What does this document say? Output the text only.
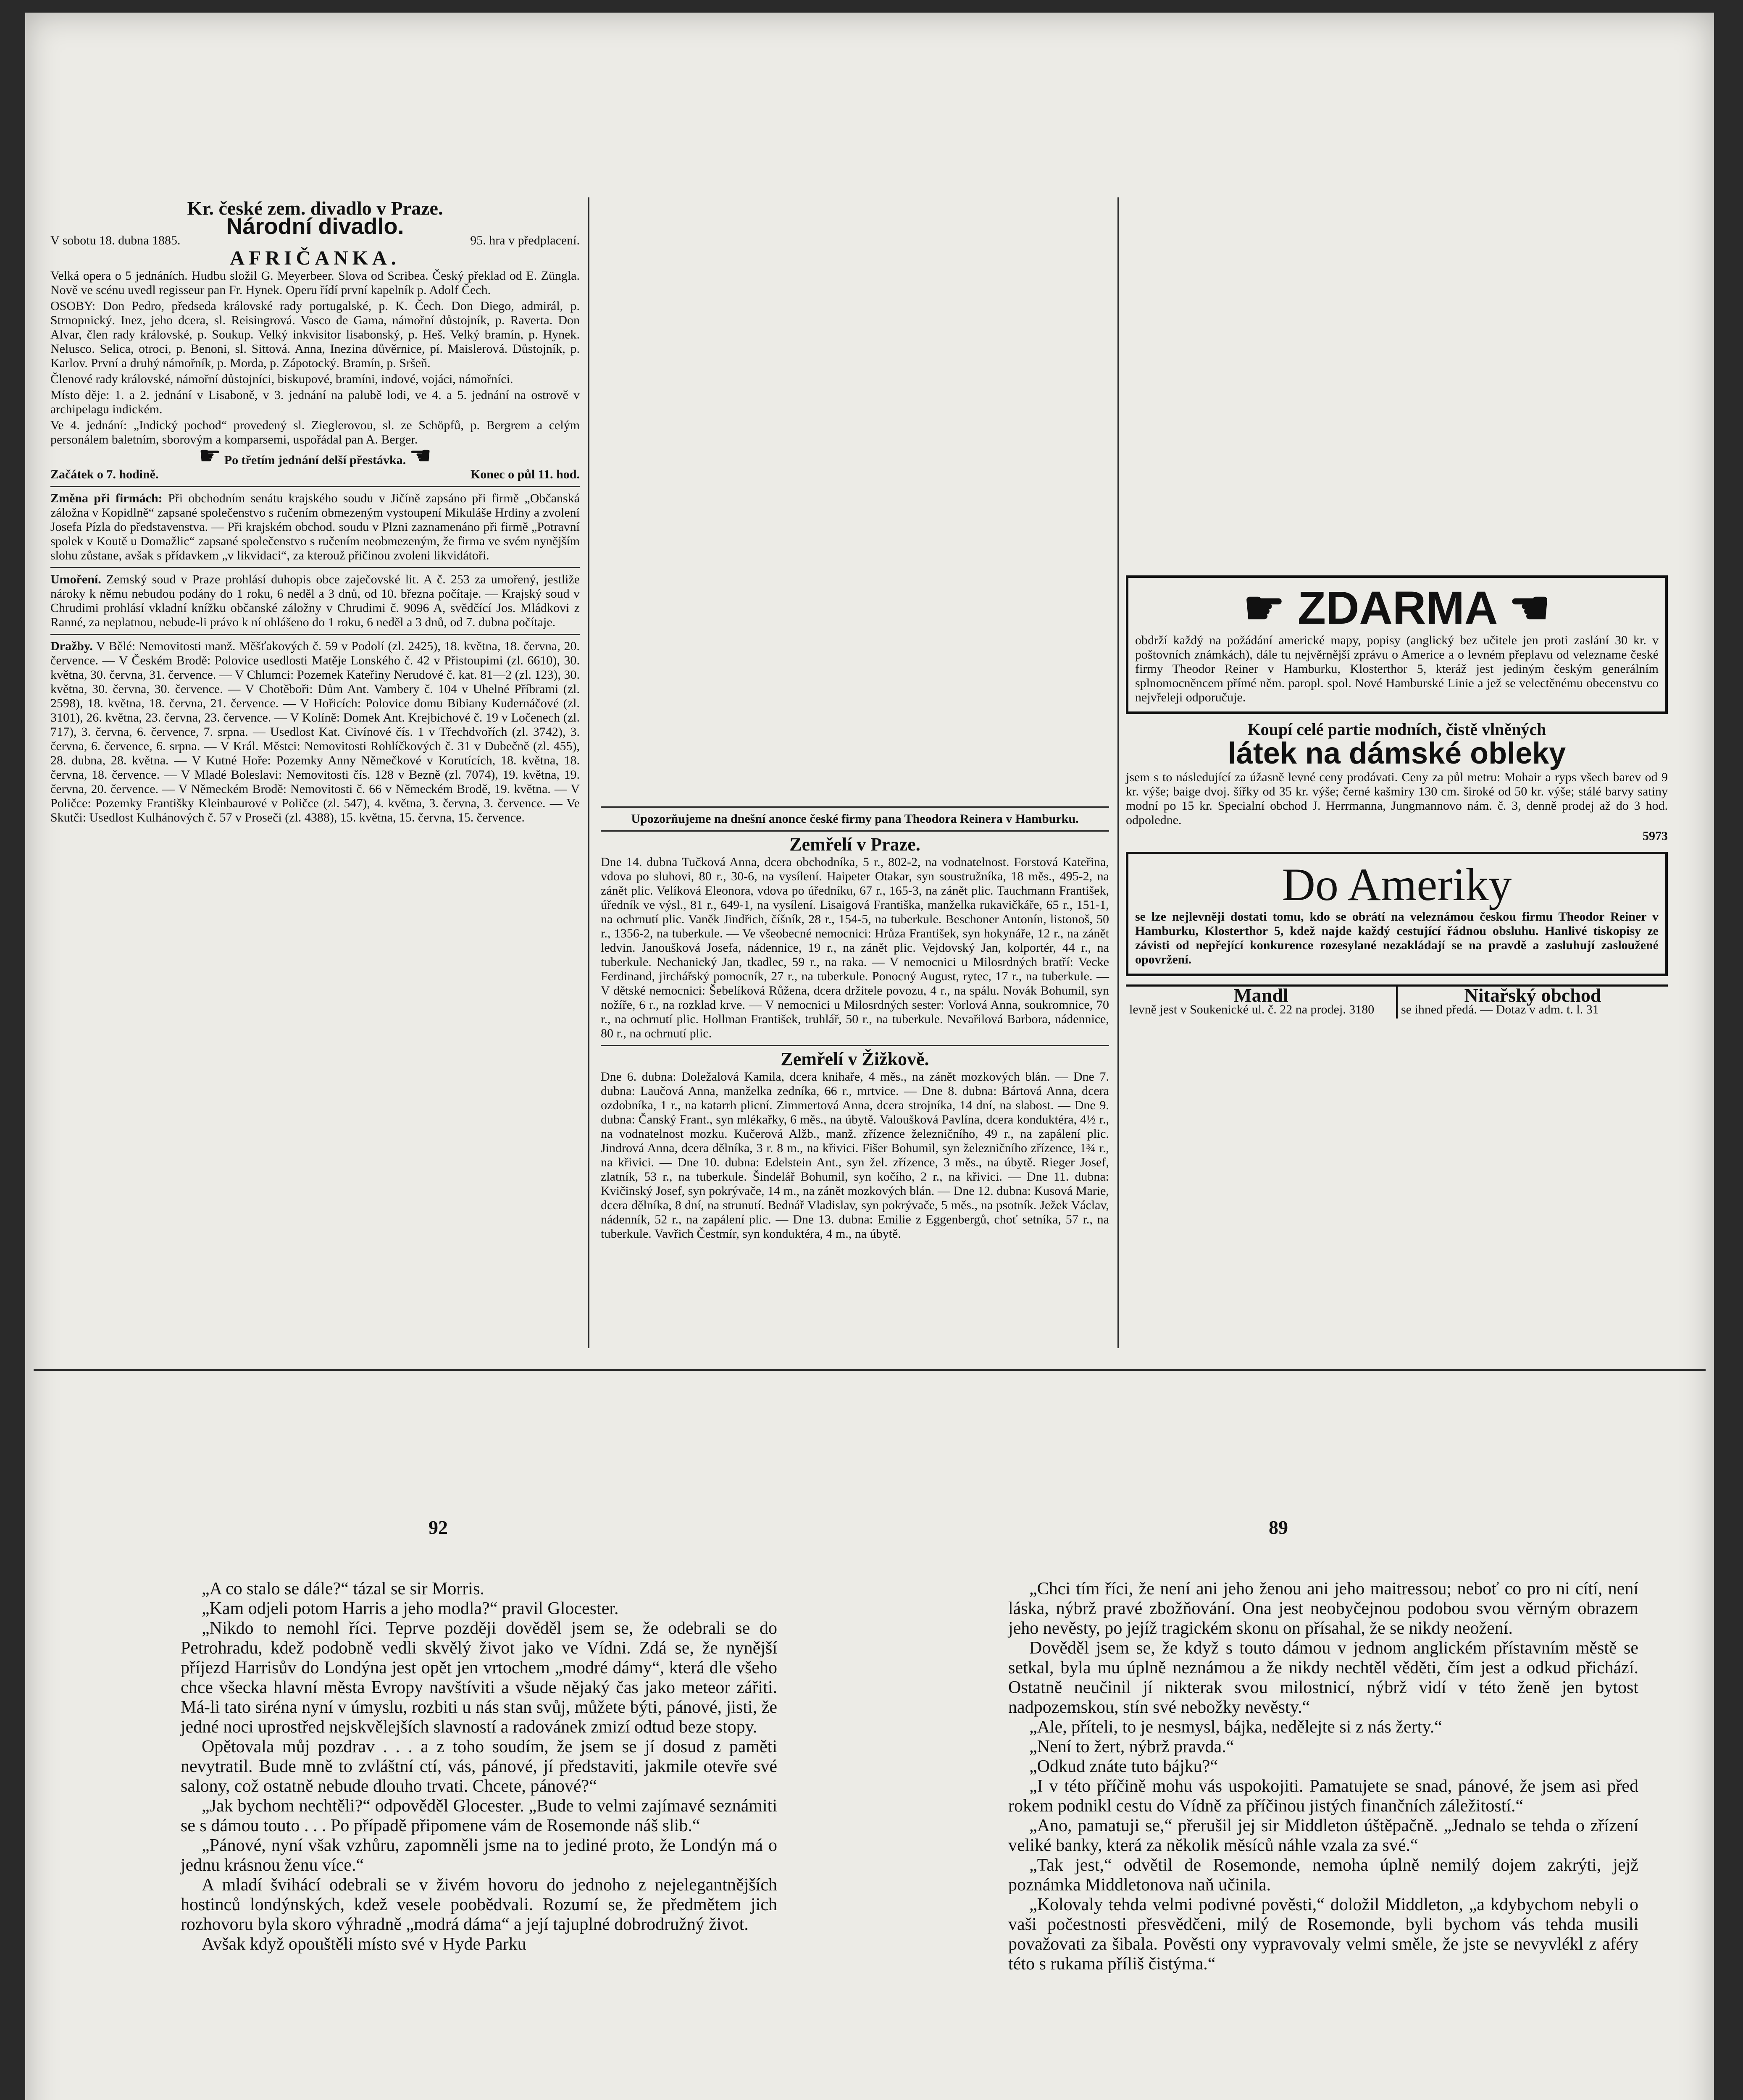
Kr. české zem. divadlo v Praze.
Národní divadlo.
V sobotu 18. dubna 1885.	95. hra v předplacení.
AFRIČANKA.

Velká opera o 5 jednáních. Hudbu složil G. Meyerbeer. Slova od Scribea. Český překlad od E. Züngla. Nově ve scénu uvedl regisseur pan Fr. Hynek. Operu řídí první kapelník p. Adolf Čech.

OSOBY: Don Pedro, předseda královské rady portugalské, p. K. Čech. Don Diego, admirál, p. Strnopnický. Inez, jeho dcera, sl. Reisingrová. Vasco de Gama, námořní důstojník, p. Raverta. Don Alvar, člen rady královské, p. Soukup. Velký inkvisitor lisabonský, p. Heš. Velký bramín, p. Hynek. Nelusco. Selica, otroci, p. Benoni, sl. Sittová. Anna, Inezina důvěrnice, pí. Maislerová. Důstojník, p. Karlov. První a druhý námořník, p. Morda, p. Zápotocký. Bramín, p. Sršeň.

Členové rady královské, námořní důstojníci, biskupové, bramíni, indové, vojáci, námořníci.

Místo děje: 1. a 2. jednání v Lisaboně, v 3. jednání na palubě lodi, ve 4. a 5. jednání na ostrově v archipelagu indickém.

Ve 4. jednání: „Indický pochod“ provedený sl. Zieglerovou, sl. ze Schöpfů, p. Bergrem a celým personálem baletním, sborovým a komparsemi, uspořádal pan A. Berger.

☛ Po třetím jednání delší přestávka. ☚
Začátek o 7. hodině.	Konec o půl 11. hod.

Změna při firmách: Při obchodním senátu krajského soudu v Jičíně zapsáno při firmě „Občanská záložna v Kopidlně“ zapsané společenstvo s ručením obmezeným vystoupení Mikuláše Hrdiny a zvolení Josefa Pízla do představenstva. — Při krajském obchod. soudu v Plzni zaznamenáno při firmě „Potravní spolek v Koutě u Domažlic“ zapsané společenstvo s ručením neobmezeným, že firma ve svém nynějším slohu zůstane, avšak s přídavkem „v likvidaci“, za kterouž přičinou zvoleni likvidátoři.

Umoření. Zemský soud v Praze prohlásí duhopis obce zaječovské lit. A č. 253 za umořený, jestliže nároky k němu nebudou podány do 1 roku, 6 neděl a 3 dnů, od 10. března počítaje. — Krajský soud v Chrudimi prohlásí vkladní knížku občanské záložny v Chrudimi č. 9096 A, svědčící Jos. Mládkovi z Ranné, za neplatnou, nebude-li právo k ní ohlášeno do 1 roku, 6 neděl a 3 dnů, od 7. dubna počítaje.

Dražby. V Bělé: Nemovitosti manž. Měšťakových č. 59 v Podolí (zl. 2425), 18. května, 18. června, 20. července. — V Českém Brodě: Polovice usedlosti Matěje Lonského č. 42 v Přistoupimi (zl. 6610), 30. května, 30. června, 31. července. — V Chlumci: Pozemek Kateřiny Nerudové č. kat. 81—2 (zl. 123), 30. května, 30. června, 30. července. — V Chotěboři: Dům Ant. Vambery č. 104 v Uhelné Příbrami (zl. 2598), 18. května, 18. června, 21. července. — V Hořicích: Polovice domu Bibiany Kudernáčové (zl. 3101), 26. května, 23. června, 23. července. — V Kolíně: Domek Ant. Krejbichové č. 19 v Ločenech (zl. 717), 3. června, 6. července, 7. srpna. — Usedlost Kat. Civínové čís. 1 v Třechdvořích (zl. 3742), 3. června, 6. července, 6. srpna. — V Král. Městci: Nemovitosti Rohlíčkových č. 31 v Dubečně (zl. 455), 28. dubna, 28. května. — V Kutné Hoře: Pozemky Anny Němečkové v Korutících, 18. května, 18. června, 18. července. — V Mladé Boleslavi: Nemovitosti čís. 128 v Bezně (zl. 7074), 19. května, 19. června, 20. července. — V Německém Brodě: Nemovitosti č. 66 v Německém Brodě, 19. května. — V Poličce: Pozemky Františky Kleinbaurové v Poličce (zl. 547), 4. května, 3. června, 3. července. — Ve Skutči: Usedlost Kulhánových č. 57 v Proseči (zl. 4388), 15. května, 15. června, 15. července.	Upozorňujeme na dnešní anonce české firmy pana Theodora Reinera v Hamburku.

Zemřelí v Praze.

Dne 14. dubna Tučková Anna, dcera obchodníka, 5 r., 802-2, na vodnatelnost. Forstová Kateřina, vdova po sluhovi, 80 r., 30-6, na vysílení. Haipeter Otakar, syn soustružníka, 18 měs., 495-2, na zánět plic. Velíková Eleonora, vdova po úředníku, 67 r., 165-3, na zánět plic. Tauchmann František, úředník ve výsl., 81 r., 649-1, na vysílení. Lisaigová Františka, manželka rukavičkáře, 65 r., 151-1, na ochrnutí plic. Vaněk Jindřich, číšník, 28 r., 154-5, na tuberkule. Beschoner Antonín, listonoš, 50 r., 1356-2, na tuberkule. — Ve všeobecné nemocnici: Hrůza František, syn hokynáře, 12 r., na zánět ledvin. Janoušková Josefa, nádennice, 19 r., na zánět plic. Vejdovský Jan, kolportér, 44 r., na tuberkule. Nechanický Jan, tkadlec, 59 r., na raka. — V nemocnici u Milosrdných bratří: Vecke Ferdinand, jirchářský pomocník, 27 r., na tuberkule. Ponocný August, rytec, 17 r., na tuberkule. — V dětské nemocnici: Šebelíková Růžena, dcera držitele povozu, 4 r., na spálu. Novák Bohumil, syn nožíře, 6 r., na rozklad krve. — V nemocnici u Milosrdných sester: Vorlová Anna, soukromnice, 70 r., na ochrnutí plic. Hollman František, truhlář, 50 r., na tuberkule. Nevařilová Barbora, nádennice, 80 r., na ochrnutí plic.

Zemřelí v Žižkově.

Dne 6. dubna: Doležalová Kamila, dcera knihaře, 4 měs., na zánět mozkových blán. — Dne 7. dubna: Laučová Anna, manželka zedníka, 66 r., mrtvice. — Dne 8. dubna: Bártová Anna, dcera ozdobníka, 1 r., na katarrh plicní. Zimmertová Anna, dcera strojníka, 14 dní, na slabost. — Dne 9. dubna: Čanský Frant., syn mlékařky, 6 měs., na úbytě. Valoušková Pavlína, dcera konduktéra, 4½ r., na vodnatelnost mozku. Kučerová Alžb., manž. zřízence železničního, 49 r., na zapálení plic. Jindrová Anna, dcera dělníka, 3 r. 8 m., na křivici. Fišer Bohumil, syn železničního zřízence, 1¾ r., na křivici. — Dne 10. dubna: Edelstein Ant., syn žel. zřízence, 3 měs., na úbytě. Rieger Josef, zlatník, 53 r., na tuberkule. Šindelář Bohumil, syn kočího, 2 r., na křivici. — Dne 11. dubna: Kvičinský Josef, syn pokrývače, 14 m., na zánět mozkových blán. — Dne 12. dubna: Kusová Marie, dcera dělníka, 8 dní, na strunutí. Bednář Vladislav, syn pokrývače, 5 měs., na psotník. Ježek Václav, nádenník, 52 r., na zapálení plic. — Dne 13. dubna: Emilie z Eggenbergů, choť setníka, 57 r., na tuberkule. Vavřich Čestmír, syn konduktéra, 4 m., na úbytě.

☛ ZDARMA ☚

obdrží každý na požádání americké mapy, popisy (anglický bez učitele jen proti zaslání 30 kr. v poštovních známkách), dále tu nejvěrnější zprávu o Americe a o levném přeplavu od velezname české firmy Theodor Reiner v Hamburku, Klosterthor 5, kteráž jest jediným českým generálním splnomocněncem přímé něm. paropl. spol. Nové Hamburské Linie a jež se velectěnému obecenstvu co nejvřeleji odporučuje.

Koupí celé partie modních, čistě vlněných
látek na dámské obleky

jsem s to následující za úžasně levné ceny prodávati. Ceny za půl metru: Mohair a ryps všech barev od 9 kr. výše; baige dvoj. šířky od 35 kr. výše; černé kašmiry 130 cm. široké od 50 kr. výše; stálé barvy satiny modní po 15 kr. Specialní obchod J. Herrmanna, Jungmannovo nám. č. 3, denně prodej až do 3 hod. odpoledne.

5973
Do Ameriky

se lze nejlevněji dostati tomu, kdo se obrátí na veleznámou českou firmu Theodor Reiner v Hamburku, Klosterthor 5, kdež najde každý cestující řádnou obsluhu. Hanlivé tiskopisy ze závisti od nepřející konkurence rozesylané nezakládají se na pravdě a zasluhují zasloužené opovržení.

Mandl
levně jest v Soukenické ul. č. 22 na prodej. 3180
Nitařský obchod
se ihned předá. — Dotaz v adm. t. l. 31
92	89

„A co stalo se dále?“ tázal se sir Morris.

„Kam odjeli potom Harris a jeho modla?“ pravil Glocester.

„Nikdo to nemohl říci. Teprve později dověděl jsem se, že odebrali se do Petrohradu, kdež podobně vedli skvělý život jako ve Vídni. Zdá se, že nynější příjezd Harrisův do Londýna jest opět jen vrtochem „modré dámy“, která dle všeho chce všecka hlavní města Evropy navštíviti a všude nějaký čas jako meteor zářiti. Má-li tato siréna nyní v úmyslu, rozbiti u nás stan svůj, můžete býti, pánové, jisti, že jedné noci uprostřed nejskvělejších slavností a radovánek zmizí odtud beze stopy.

Opětovala můj pozdrav . . . a z toho soudím, že jsem se jí dosud z paměti nevytratil. Bude mně to zvláštní ctí, vás, pánové, jí představiti, jakmile otevře své salony, což ostatně nebude dlouho trvati. Chcete, pánové?“

„Jak bychom nechtěli?“ odpověděl Glocester. „Bude to velmi zajímavé seznámiti se s dámou touto . . . Po případě připomene vám de Rosemonde náš slib.“

„Pánové, nyní však vzhůru, zapomněli jsme na to jediné proto, že Londýn má o jednu krásnou ženu více.“

A mladí švihácí odebrali se v živém hovoru do jednoho z nejelegantnějších hostinců londýnských, kdež vesele poobědvali. Rozumí se, že předmětem jich rozhovoru byla skoro výhradně „modrá dáma“ a její tajuplné dobrodružný život.

Avšak když opouštěli místo své v Hyde Parku

„Chci tím říci, že není ani jeho ženou ani jeho maitressou; neboť co pro ni cítí, není láska, nýbrž pravé zbožňování. Ona jest neobyčejnou podobou svou věrným obrazem jeho nevěsty, po jejíž tragickém skonu on přísahal, že se nikdy neožení.

Dověděl jsem se, že když s touto dámou v jednom anglickém přístavním městě se setkal, byla mu úplně neznámou a že nikdy nechtěl věděti, čím jest a odkud přichází. Ostatně neučinil jí nikterak svou milostnicí, nýbrž vidí v této ženě jen bytost nadpozemskou, stín své nebožky nevěsty.“

„Ale, příteli, to je nesmysl, bájka, nedělejte si z nás žerty.“

„Není to žert, nýbrž pravda.“

„Odkud znáte tuto bájku?“

„I v této příčině mohu vás uspokojiti. Pamatujete se snad, pánové, že jsem asi před rokem podnikl cestu do Vídně za příčinou jistých finančních záležitostí.“

„Ano, pamatuji se,“ přerušil jej sir Middleton úštěpačně. „Jednalo se tehda o zřízení veliké banky, která za několik měsíců náhle vzala za své.“

„Tak jest,“ odvětil de Rosemonde, nemoha úplně nemilý dojem zakrýti, jejž poznámka Middletonova naň učinila.

„Kolovaly tehda velmi podivné pověsti,“ doložil Middleton, „a kdybychom nebyli o vaši počestnosti přesvědčeni, milý de Rosemonde, byli bychom vás tehda musili považovati za šibala. Pověsti ony vypravovaly velmi směle, že jste se nevyvlékl z aféry této s rukama příliš čistýma.“
